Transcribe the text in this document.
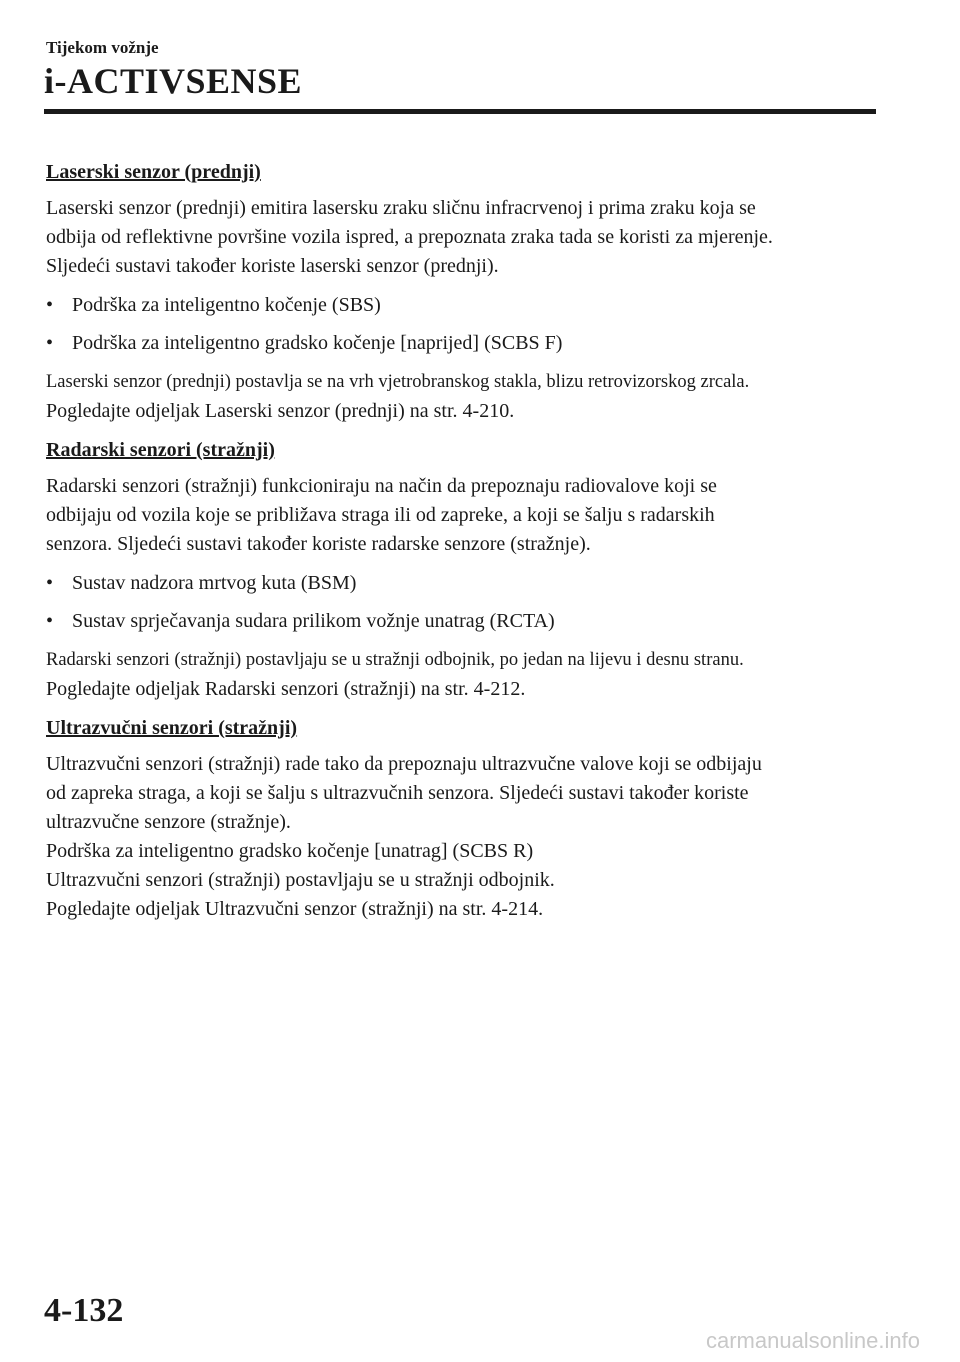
Tijekom vožnje

i-ACTIVSENSE
Laserski senzor (prednji)
Laserski senzor (prednji) emitira lasersku zraku sličnu infracrvenoj i prima zraku koja se
odbija od reflektivne površine vozila ispred, a prepoznata zraka tada se koristi za mjerenje.
Sljedeći sustavi također koriste laserski senzor (prednji).
• Podrška za inteligentno kočenje (SBS)
• Podrška za inteligentno gradsko kočenje [naprijed] (SCBS F)
Laserski senzor (prednji) postavlja se na vrh vjetrobranskog stakla, blizu retrovizorskog zrcala.
Pogledajte odjeljak Laserski senzor (prednji) na str. 4-210.
Radarski senzori (stražnji)
Radarski senzori (stražnji) funkcioniraju na način da prepoznaju radiovalove koji se
odbijaju od vozila koje se približava straga ili od zapreke, a koji se šalju s radarskih
senzora. Sljedeći sustavi također koriste radarske senzore (stražnje).
• Sustav nadzora mrtvog kuta (BSM)
• Sustav sprječavanja sudara prilikom vožnje unatrag (RCTA)
Radarski senzori (stražnji) postavljaju se u stražnji odbojnik, po jedan na lijevu i desnu stranu.
Pogledajte odjeljak Radarski senzori (stražnji) na str. 4-212.
Ultrazvučni senzori (stražnji)
Ultrazvučni senzori (stražnji) rade tako da prepoznaju ultrazvučne valove koji se odbijaju
od zapreka straga, a koji se šalju s ultrazvučnih senzora. Sljedeći sustavi također koriste
ultrazvučne senzore (stražnje).
Podrška za inteligentno gradsko kočenje [unatrag] (SCBS R)
Ultrazvučni senzori (stražnji) postavljaju se u stražnji odbojnik.
Pogledajte odjeljak Ultrazvučni senzor (stražnji) na str. 4-214.

4-132

carmanualsonline.info
